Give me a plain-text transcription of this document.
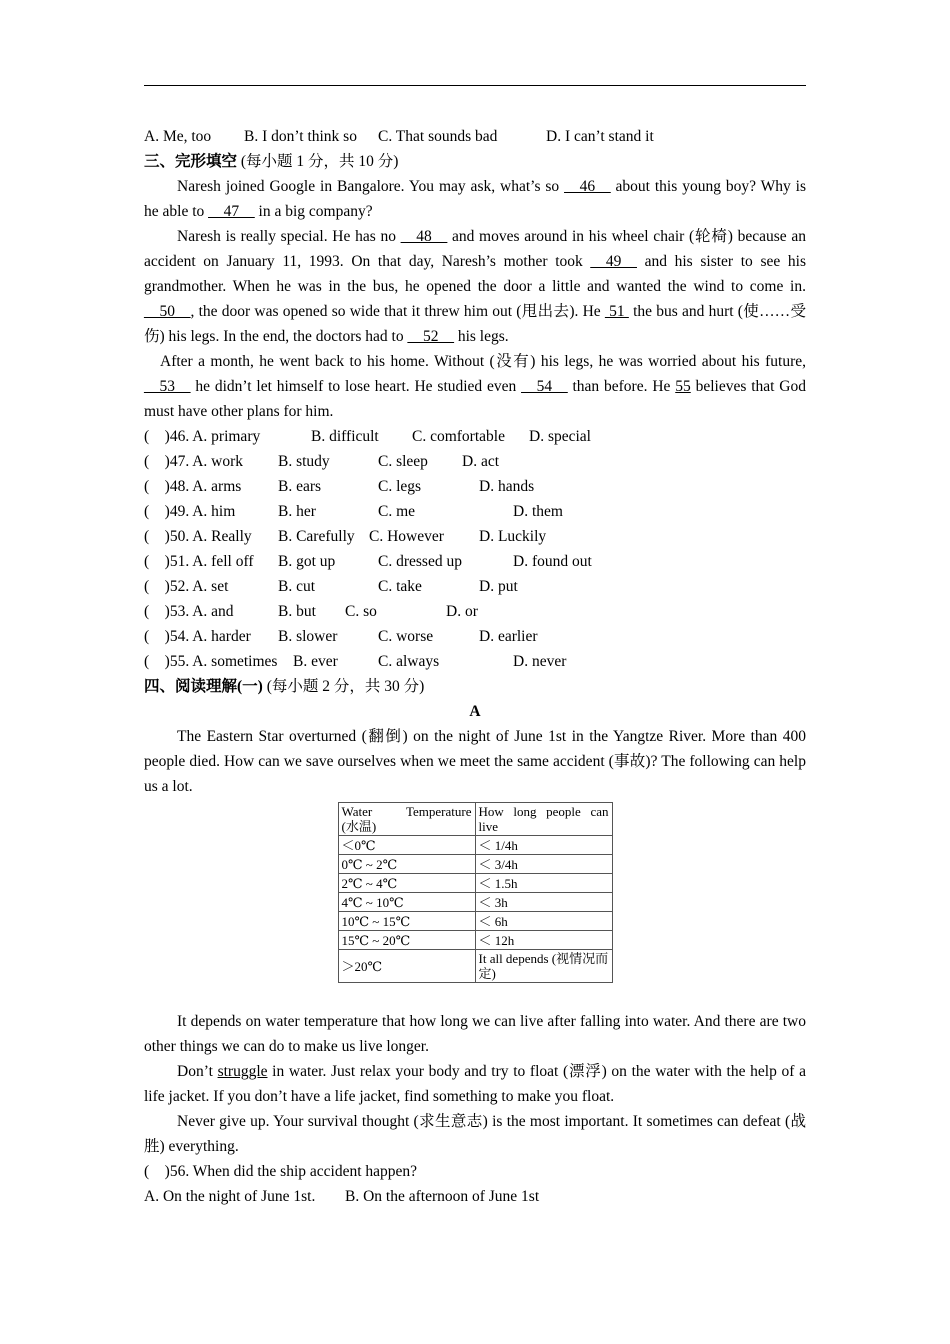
A. Me, too B. I don’t think so C. That sounds bad	D. I can’t stand it
三、完形填空 (每小题 1 分，共 10 分)
Naresh joined Google in Bangalore. You may ask, what’s so __46__ about this young boy? Why is he able to __47__ in a big company?
Naresh is really special. He has no __48__ and moves around in his wheel chair (轮椅) because an accident on January 11, 1993. On that day, Naresh’s mother took __49__ and his sister to see his grandmother. When he was in the bus, he opened the door a little and wanted the wind to come in. __50__, the door was opened so wide that it threw him out (甩出去). He  51  the bus and hurt (使……受伤) his legs. In the end, the doctors had to __52__ his legs.
After a month, he went back to his home. Without (没有) his legs, he was worried about his future, __53__ he didn’t let himself to lose heart. He studied even __54__ than before. He 55 believes that God must have other plans for him.
(　)46. A. primary	B. difficult C. comfortable D. special
(　)47. A. work B. study	C. sleep D. act
(　)48. A. arms B. ears	C. legs	D. hands
(　)49. A. him	B. her	C. me	D. them
(　)50. A. Really B. Carefully C. However D. Luckily
(　)51. A. fell off B. got up	C. dressed up	D. found out
(　)52. A. set	B. cut	C. take	D. put
(　)53. A. and	B. but C. so	D. or
(　)54. A. harder B. slower	C. worse	D. earlier
(　)55. A. sometimes B. ever	C. always	D. never
四、阅读理解(一) (每小题 2 分，共 30 分)
A
The Eastern Star overturned (翻倒) on the night of June 1st in the Yangtze River. More than 400 people died. How can we save ourselves when we meet the same accident (事故)? The following can help us a lot.
Water Temperature
(水温)	How long people can live
＜0℃	＜ 1/4h
0℃ ~ 2℃	＜ 3/4h
2℃ ~ 4℃	＜ 1.5h
4℃ ~ 10℃	＜ 3h
10℃ ~ 15℃	＜ 6h
15℃ ~ 20℃	＜ 12h
＞20℃	It all depends (视情况而定)
It depends on water temperature that how long we can live after falling into water. And there are two other things we can do to make us live longer.
Don’t struggle in water. Just relax your body and try to float (漂浮) on the water with the help of a life jacket. If you don’t have a life jacket, find something to make you float.
Never give up. Your survival thought (求生意志) is the most important. It sometimes can defeat (战胜) everything.
(　)56. When did the ship accident happen?
A. On the night of June 1st. B. On the afternoon of June 1st
